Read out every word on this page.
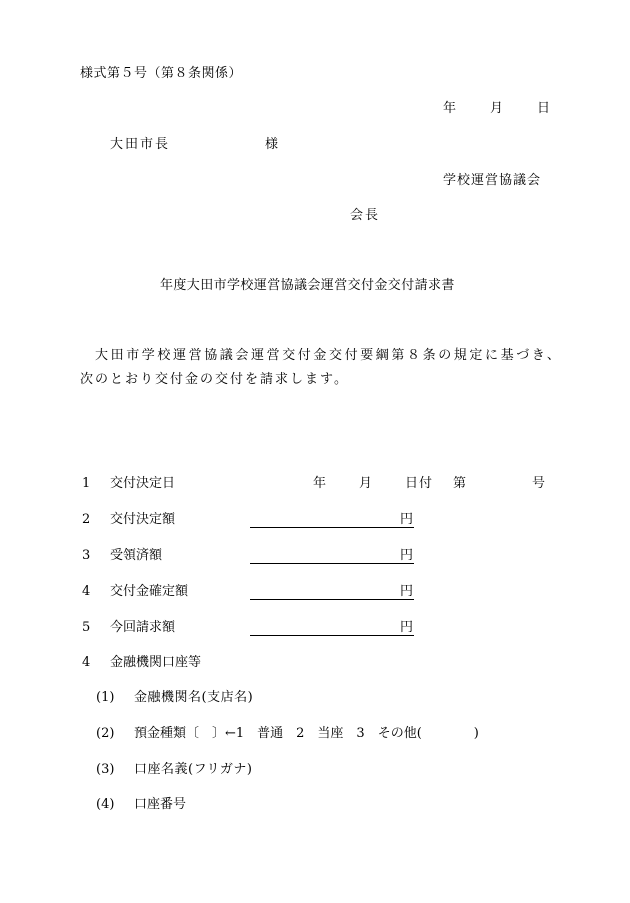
様式第５号（第８条関係）
年	月	日
大田市長	様
学校運営協議会
会長
年度大田市学校運営協議会運営交付金交付請求書
大田市学校運営協議会運営交付金交付要綱第８条の規定に基づき、
次のとおり交付金の交付を請求します。
1 交付決定日	年	月	日付 第	号
2 交付決定額	円
3 受領済額	円
4 交付金確定額	円
5 今回請求額	円
4 金融機関口座等
(1) 金融機関名(支店名)
(2) 預金種類〔　〕←1　普通　2　当座　3　その他(　　　　)
(3) 口座名義(フリガナ)
(4) 口座番号
